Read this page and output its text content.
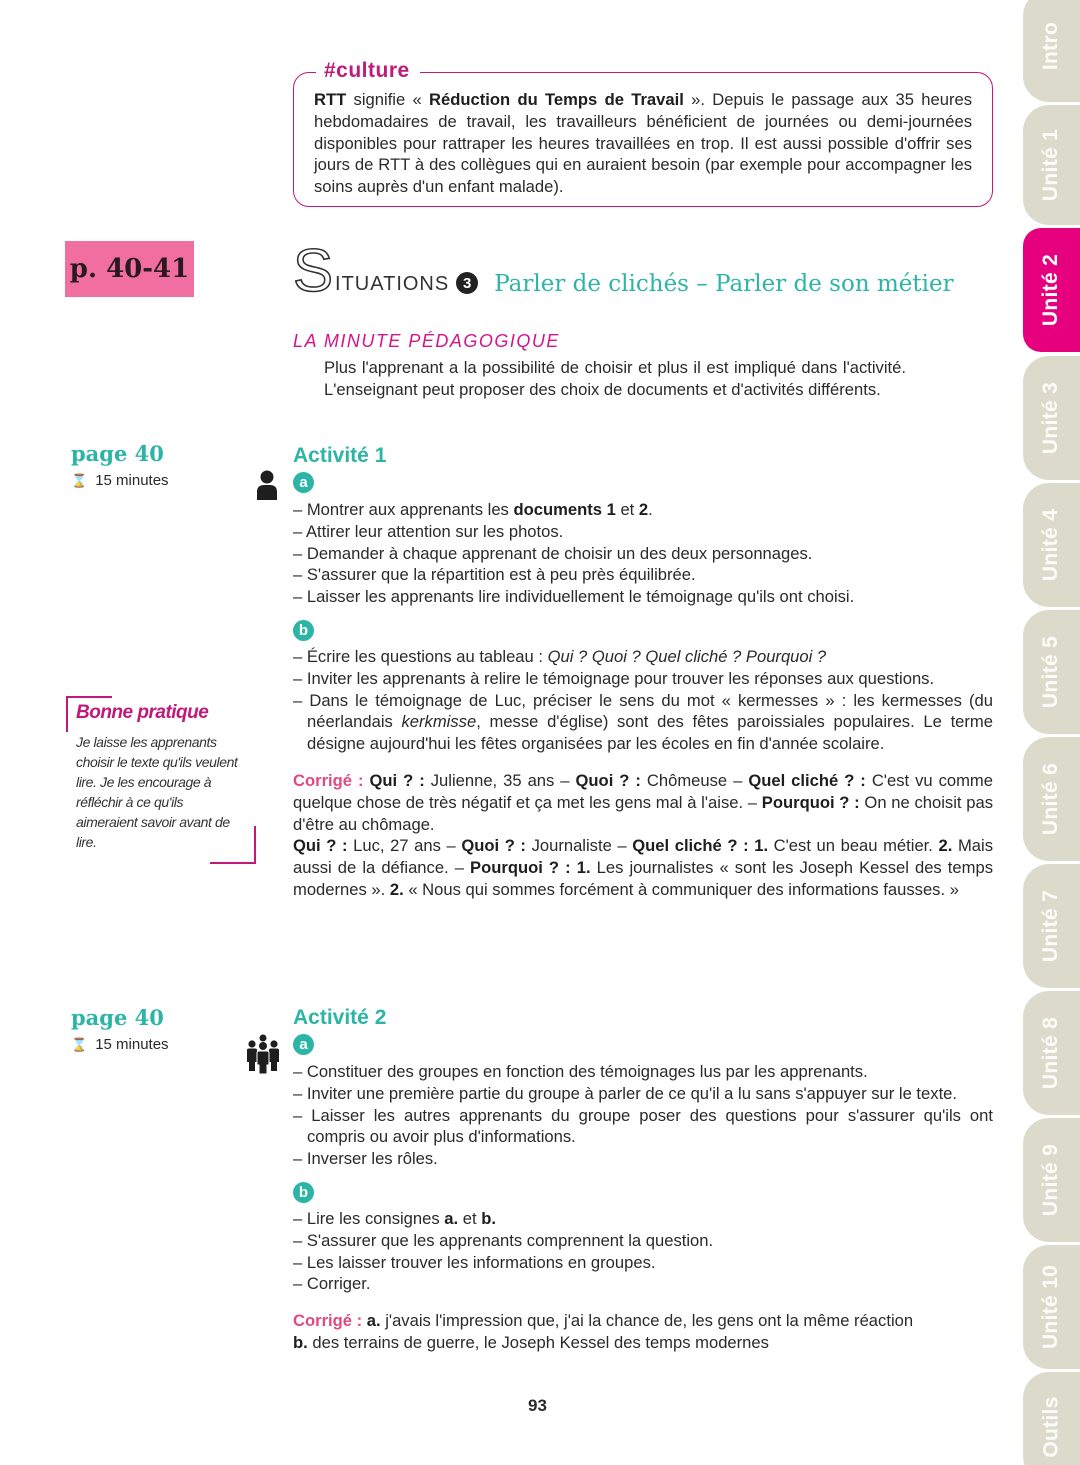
Intro
Unité 1
Unité 2
Unité 3
Unité 4
Unité 5
Unité 6
Unité 7
Unité 8
Unité 9
Unité 10
Outils
#culture

RTT signifie « Réduction du Temps de Travail ». Depuis le passage aux 35 heures hebdomadaires de travail, les travailleurs bénéficient de journées ou demi-journées disponibles pour rattraper les heures travaillées en trop. Il est aussi possible d'offrir ses jours de RTT à des collègues qui en auraient besoin (par exemple pour accompagner les soins auprès d'un enfant malade).

p. 40-41 S ITUATIONS 3 Parler de clichés – Parler de son métier
LA MINUTE PÉDAGOGIQUE

Plus l'apprenant a la possibilité de choisir et plus il est impliqué dans l'activité. L'enseignant peut proposer des choix de documents et d'activités différents.

page 40
⌛ 15 minutes
Activité 1
a
– Montrer aux apprenants les documents 1 et 2.
– Attirer leur attention sur les photos.
– Demander à chaque apprenant de choisir un des deux personnages.
– S'assurer que la répartition est à peu près équilibrée.
– Laisser les apprenants lire individuellement le témoignage qu'ils ont choisi.
b
– Écrire les questions au tableau : Qui ? Quoi ? Quel cliché ? Pourquoi ?
– Inviter les apprenants à relire le témoignage pour trouver les réponses aux questions.
– Dans le témoignage de Luc, préciser le sens du mot « kermesses » : les kermesses (du néerlandais kerkmisse, messe d'église) sont des fêtes paroissiales populaires. Le terme désigne aujourd'hui les fêtes organisées par les écoles en fin d'année scolaire.

Corrigé : Qui ? : Julienne, 35 ans – Quoi ? : Chômeuse – Quel cliché ? : C'est vu comme quelque chose de très négatif et ça met les gens mal à l'aise. – Pourquoi ? : On ne choisit pas d'être au chômage.
Qui ? : Luc, 27 ans – Quoi ? : Journaliste – Quel cliché ? : 1. C'est un beau métier. 2. Mais aussi de la défiance. – Pourquoi ? : 1. Les journalistes « sont les Joseph Kessel des temps modernes ». 2. « Nous qui sommes forcément à communiquer des informations fausses. »

Bonne pratique

Je laisse les apprenants choisir le texte qu'ils veulent lire. Je les encourage à réfléchir à ce qu'ils aimeraient savoir avant de lire.

page 40
⌛ 15 minutes
Activité 2
a
– Constituer des groupes en fonction des témoignages lus par les apprenants.
– Inviter une première partie du groupe à parler de ce qu'il a lu sans s'appuyer sur le texte.
– Laisser les autres apprenants du groupe poser des questions pour s'assurer qu'ils ont compris ou avoir plus d'informations.
– Inverser les rôles.
b
– Lire les consignes a. et b.
– S'assurer que les apprenants comprennent la question.
– Les laisser trouver les informations en groupes.
– Corriger.

Corrigé : a. j'avais l'impression que, j'ai la chance de, les gens ont la même réaction
b. des terrains de guerre, le Joseph Kessel des temps modernes

93
